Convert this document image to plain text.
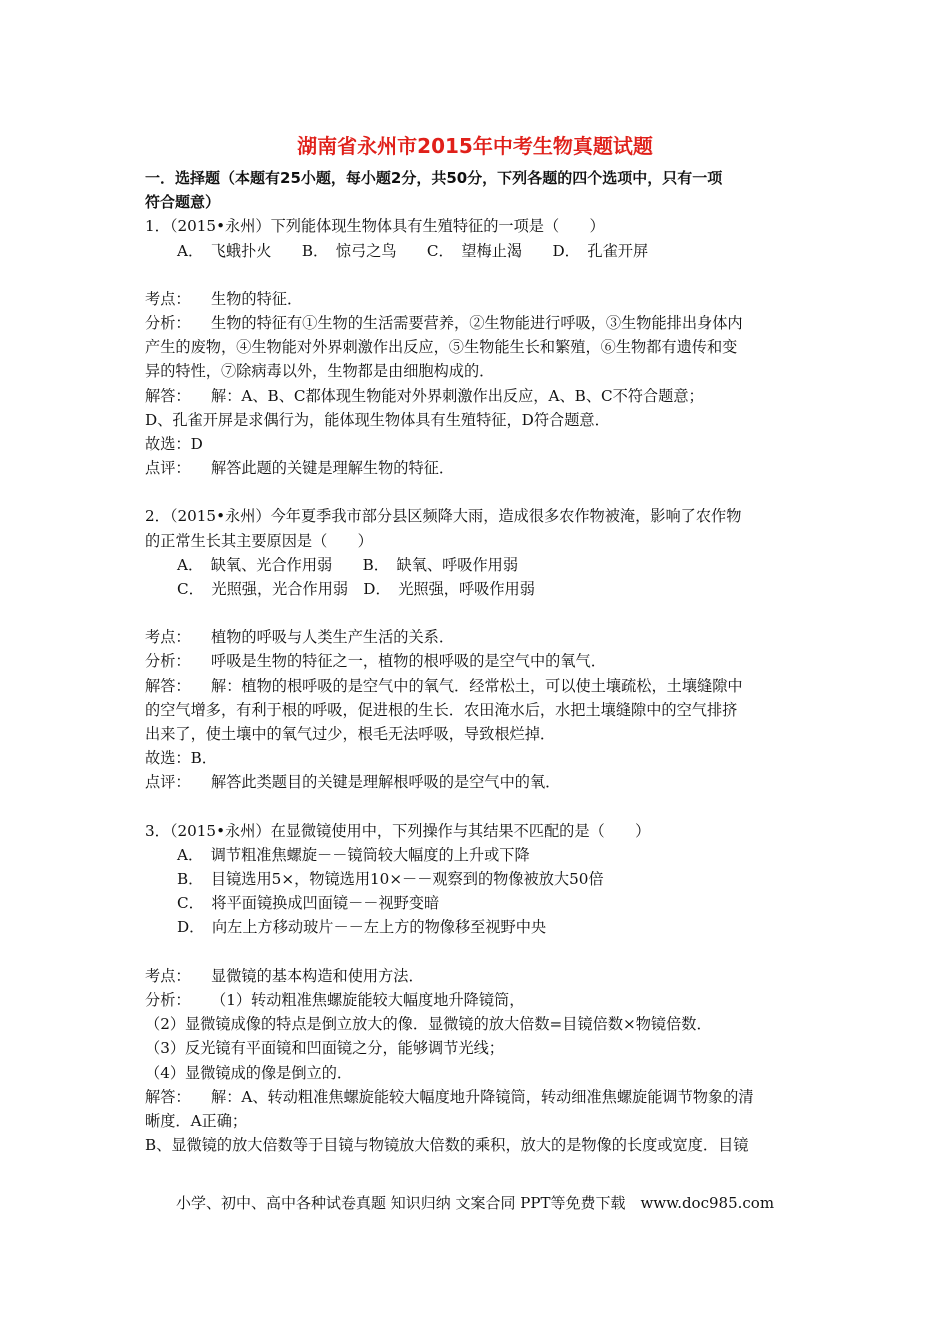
湖南省永州市2015年中考生物真题试题
一．选择题（本题有25小题，每小题2分，共50分，下列各题的四个选项中，只有一项
符合题意）
1．（2015•永州）下列能体现生物体具有生殖特征的一项是（　　）
A．　飞蛾扑火　　B．　惊弓之鸟　　C．　望梅止渴　　D．　孔雀开屏
考点： 生物的特征．
分析： 生物的特征有①生物的生活需要营养，②生物能进行呼吸，③生物能排出身体内
产生的废物，④生物能对外界刺激作出反应，⑤生物能生长和繁殖，⑥生物都有遗传和变
异的特性，⑦除病毒以外，生物都是由细胞构成的．
解答： 解：A、B、C都体现生物能对外界刺激作出反应，A、B、C不符合题意；
D、孔雀开屏是求偶行为，能体现生物体具有生殖特征，D符合题意．
故选：D
点评： 解答此题的关键是理解生物的特征．
2．（2015•永州）今年夏季我市部分县区频降大雨，造成很多农作物被淹，影响了农作物
的正常生长其主要原因是（　　）
A．　缺氧、光合作用弱　　B．　缺氧、呼吸作用弱
C．　光照强，光合作用弱　D．　光照强，呼吸作用弱
考点： 植物的呼吸与人类生产生活的关系．
分析： 呼吸是生物的特征之一，植物的根呼吸的是空气中的氧气．
解答： 解：植物的根呼吸的是空气中的氧气．经常松土，可以使土壤疏松，土壤缝隙中
的空气增多，有利于根的呼吸，促进根的生长．农田淹水后，水把土壤缝隙中的空气排挤
出来了，使土壤中的氧气过少，根毛无法呼吸，导致根烂掉．
故选：B．
点评： 解答此类题目的关键是理解根呼吸的是空气中的氧．
3．（2015•永州）在显微镜使用中，下列操作与其结果不匹配的是（　　）
A．　调节粗准焦螺旋－－镜筒较大幅度的上升或下降
B．　目镜选用5×，物镜选用10×－－观察到的物像被放大50倍
C．　将平面镜换成凹面镜－－视野变暗
D．　向左上方移动玻片－－左上方的物像移至视野中央
考点： 显微镜的基本构造和使用方法．
分析： （1）转动粗准焦螺旋能较大幅度地升降镜筒，
（2）显微镜成像的特点是倒立放大的像．显微镜的放大倍数=目镜倍数×物镜倍数．
（3）反光镜有平面镜和凹面镜之分，能够调节光线；
（4）显微镜成的像是倒立的．
解答： 解：A、转动粗准焦螺旋能较大幅度地升降镜筒，转动细准焦螺旋能调节物象的清
晰度．A正确；
B、显微镜的放大倍数等于目镜与物镜放大倍数的乘积，放大的是物像的长度或宽度．目镜
小学、初中、高中各种试卷真题 知识归纳 文案合同 PPT等免费下载　www.doc985.com
